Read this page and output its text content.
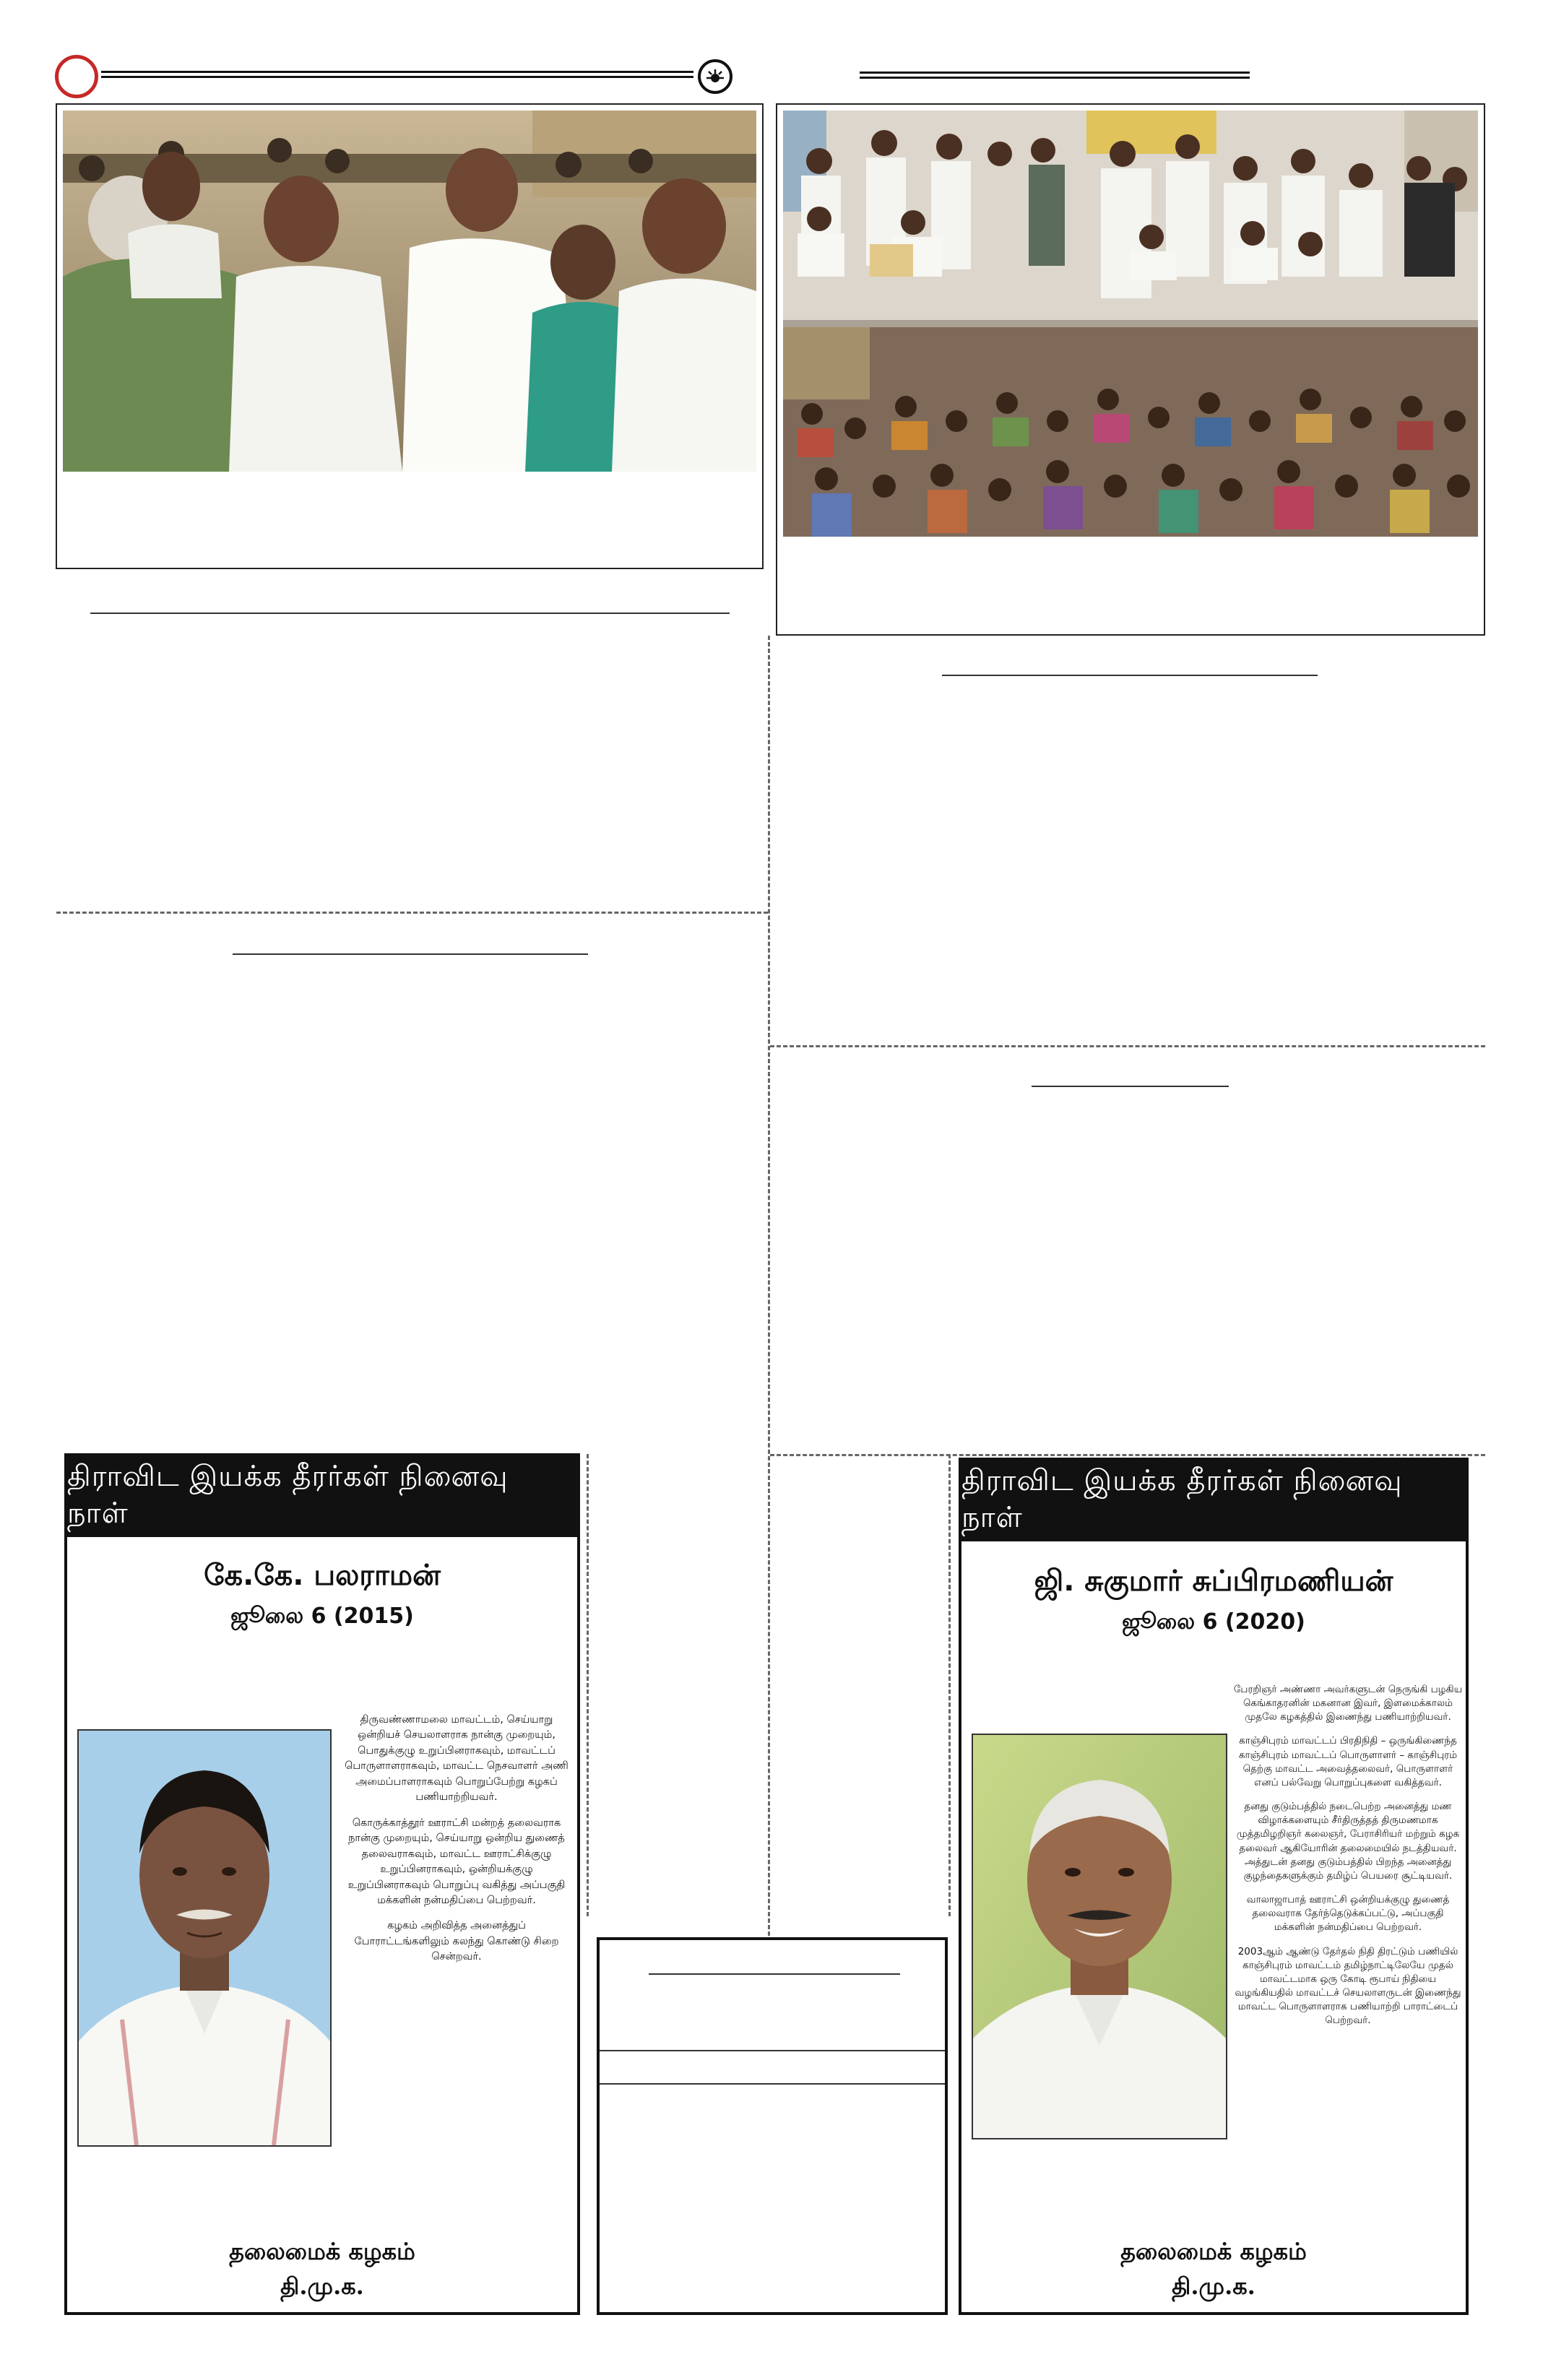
திராவிட இயக்க தீரர்கள் நினைவு நாள்
கே.கே. பலராமன்
ஜூலை 6 (2015)

திருவண்ணாமலை மாவட்டம், செய்யாறு ஒன்றியச் செயலாளராக நான்கு முறையும், பொதுக்குழு உறுப்பினராகவும், மாவட்டப் பொருளாளராகவும், மாவட்ட நெசவாளர் அணி அமைப்பாளராகவும் பொறுப்பேற்று கழகப் பணியாற்றியவர்.

கொருக்காத்தூர் ஊராட்சி மன்றத் தலைவராக நான்கு முறையும், செய்யாறு ஒன்றிய துணைத் தலைவராகவும், மாவட்ட ஊராட்சிக்குழு உறுப்பினராகவும், ஒன்றியக்குழு உறுப்பினராகவும் பொறுப்பு வகித்து அப்பகுதி மக்களின் நன்மதிப்பை பெற்றவர்.

கழகம் அறிவித்த அனைத்துப் போராட்டங்களிலும் கலந்து கொண்டு சிறை சென்றவர்.

தலைமைக் கழகம்
தி.மு.க.
திராவிட இயக்க தீரர்கள் நினைவு நாள்
ஜி. சுகுமார் சுப்பிரமணியன்
ஜூலை 6 (2020)

பேரறிஞர் அண்ணா அவர்களுடன் நெருங்கி பழகிய கெங்காதரனின் மகனான இவர், இளமைக்காலம் முதலே கழகத்தில் இணைந்து பணியாற்றியவர்.

காஞ்சிபுரம் மாவட்டப் பிரதிநிதி – ஒருங்கிணைந்த காஞ்சிபுரம் மாவட்டப் பொருளாளர் – காஞ்சிபுரம் தெற்கு மாவட்ட அவைத்தலைவர், பொருளாளர் எனப் பல்வேறு பொறுப்புகளை வகித்தவர்.

தனது குடும்பத்தில் நடைபெற்ற அனைத்து மண விழாக்களையும் சீர்திருத்தத் திருமணமாக முத்தமிழறிஞர் கலைஞர், பேராசிரியர் மற்றும் கழக தலைவர் ஆகியோரின் தலைமையில் நடத்தியவர். அத்துடன் தனது குடும்பத்தில் பிறந்த அனைத்து குழந்தைகளுக்கும் தமிழ்ப் பெயரை சூட்டியவர்.

வாலாஜாபாத் ஊராட்சி ஒன்றியக்குழு துணைத் தலைவராக தேர்ந்தெடுக்கப்பட்டு, அப்பகுதி மக்களின் நன்மதிப்பை பெற்றவர்.

2003ஆம் ஆண்டு தேர்தல் நிதி திரட்டும் பணியில் காஞ்சிபுரம் மாவட்டம் தமிழ்நாட்டிலேயே முதல் மாவட்டமாக ஒரு கோடி ரூபாய் நிதியை வழங்கியதில் மாவட்டச் செயலாளருடன் இணைந்து மாவட்ட பொருளாளராக பணியாற்றி பாராட்டைப் பெற்றவர்.

தலைமைக் கழகம்
தி.மு.க.
